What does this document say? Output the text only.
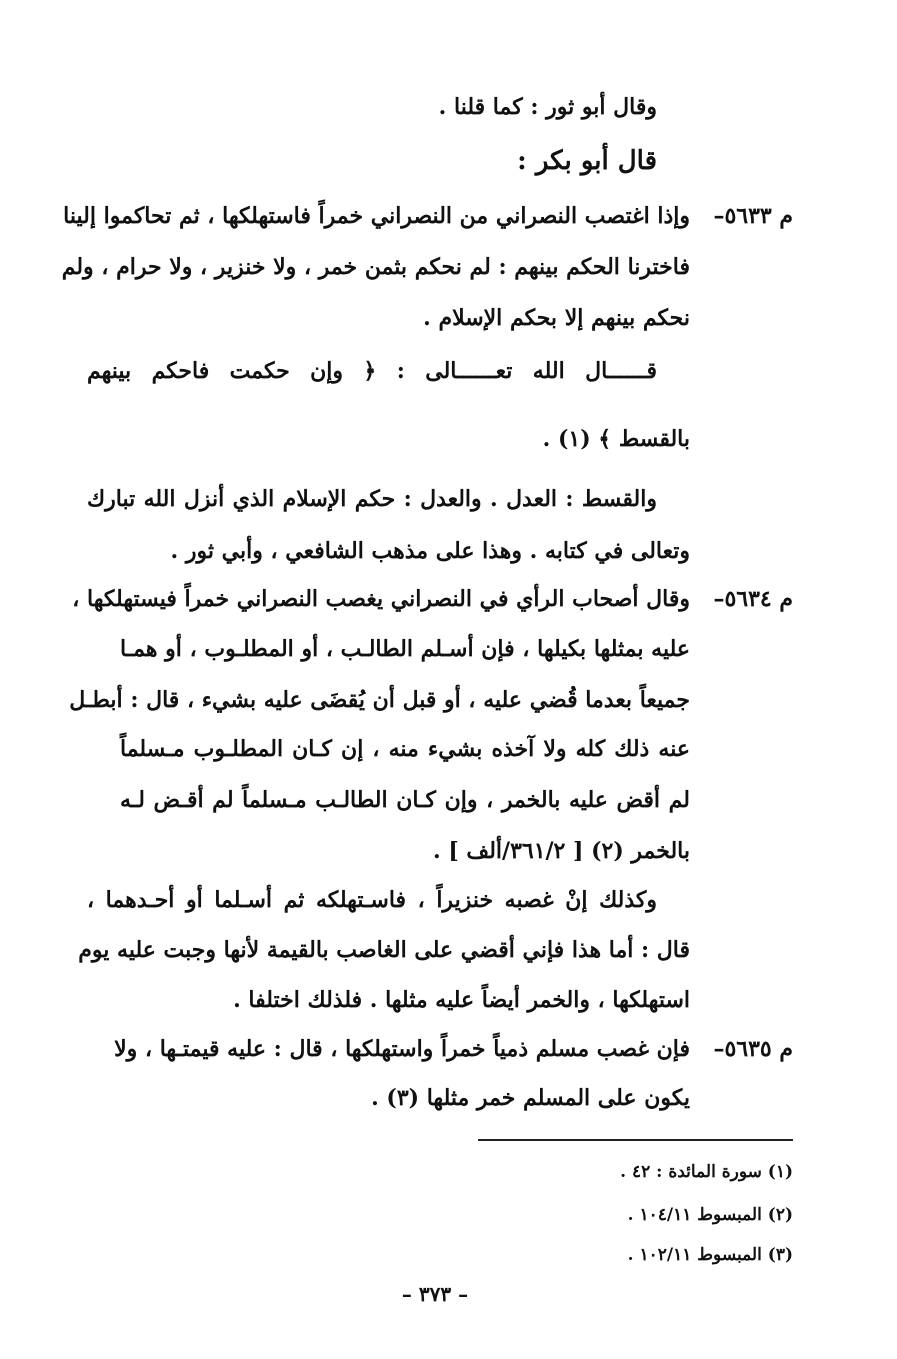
وقال أبو ثور : كما قلنا .
قال أبو بكر :
م ٥٦٣٣–
وإذا اغتصب النصراني من النصراني خمراً فاستهلكها ، ثم تحاكموا إلينا
فاخترنا الحكم بينهم : لم نحكم بثمن خمر ، ولا خنزير ، ولا حرام ، ولم
نحكم بينهم إلا بحكم الإسلام .
قــــــال الله تعــــــالى : ﴿ وإن حكمت فاحكم بينهم
بالقسط ﴾ (١) .
والقسط : العدل . والعدل : حكم الإسلام الذي أنزل الله تبارك
وتعالى في كتابه . وهذا على مذهب الشافعي ، وأبي ثور .
م ٥٦٣٤–
وقال أصحاب الرأي في النصراني يغصب النصراني خمراً فيستهلكها ،
عليه بمثلها بكيلها ، فإن أسـلم الطالـب ، أو المطلـوب ، أو همـا
جميعاً بعدما قُضي عليه ، أو قبل أن يُقضَى عليه بشيء ، قال : أبطـل
عنه ذلك كله ولا آخذه بشيء منه ، إن كـان المطلـوب مـسلماً
لم أقض عليه بالخمر ، وإن كـان الطالـب مـسلماً لم أقـض لـه
بالخمر (٢) [ ٣٦١/٢/ألف ] .
وكذلك إنْ غصبه خنزيراً ، فاسـتهلكه ثم أسـلما أو أحـدهما ،
قال : أما هذا فإني أقضي على الغاصب بالقيمة لأنها وجبت عليه يوم
استهلكها ، والخمر أيضاً عليه مثلها . فلذلك اختلفا .
م ٥٦٣٥–
فإن غصب مسلم ذمياً خمراً واستهلكها ، قال : عليه قيمتـها ، ولا
يكون على المسلم خمر مثلها (٣) .
(١) سورة المائدة : ٤٢ .
(٢) المبسوط ١٠٤/١١ .
(٣) المبسوط ١٠٢/١١ .
– ٣٧٣ –
